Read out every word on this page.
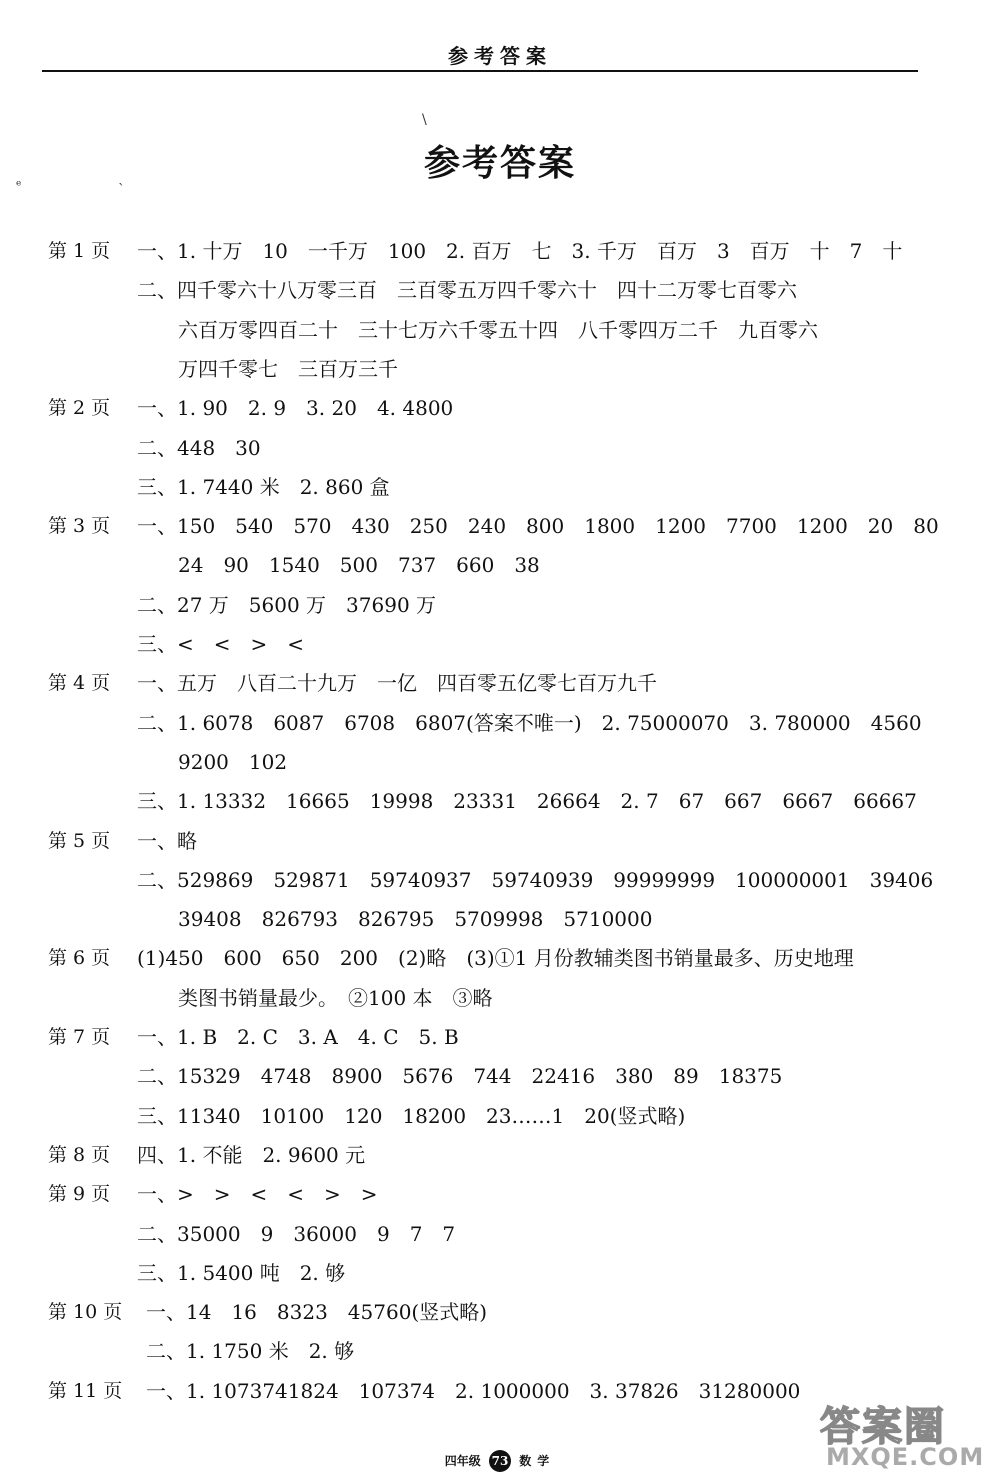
参考答案
参考答案
\
ᵉ	ˋ
第 1 页 一、1. 十万　10　一千万　100　2. 百万　七　3. 千万　百万　3　百万　十　7　十
二、四千零六十八万零三百　三百零五万四千零六十　四十二万零七百零六
六百万零四百二十　三十七万六千零五十四　八千零四万二千　九百零六
万四千零七　三百万三千
第 2 页 一、1. 90　2. 9　3. 20　4. 4800
二、448　30
三、1. 7440 米　2. 860 盒
第 3 页 一、150　540　570　430　250　240　800　1800　1200　7700　1200　20　80
24　90　1540　500　737　660　38
二、27 万　5600 万　37690 万
三、<　<　>　<
第 4 页 一、五万　八百二十九万　一亿　四百零五亿零七百万九千
二、1. 6078　6087　6708　6807(答案不唯一)　2. 75000070　3. 780000　4560
9200　102
三、1. 13332　16665　19998　23331　26664　2. 7　67　667　6667　66667
第 5 页 一、略
二、529869　529871　59740937　59740939　99999999　100000001　39406
39408　826793　826795　5709998　5710000
第 6 页 (1)450　600　650　200　(2)略　(3)①1 月份教辅类图书销量最多、历史地理
类图书销量最少。　②100 本　③略
第 7 页 一、1. B　2. C　3. A　4. C　5. B
二、15329　4748　8900　5676　744　22416　380　89　18375
三、11340　10100　120　18200　23……1　20(竖式略)
第 8 页 四、1. 不能　2. 9600 元
第 9 页 一、>　>　<　<　>　>
二、35000　9　36000　9　7　7
三、1. 5400 吨　2. 够
第 10 页 一、14　16　8323　45760(竖式略)
二、1. 1750 米　2. 够
第 11 页 一、1. 1073741824　107374　2. 1000000　3. 37826　31280000
四年级 73 数学
答案圈
MXQE.COM
